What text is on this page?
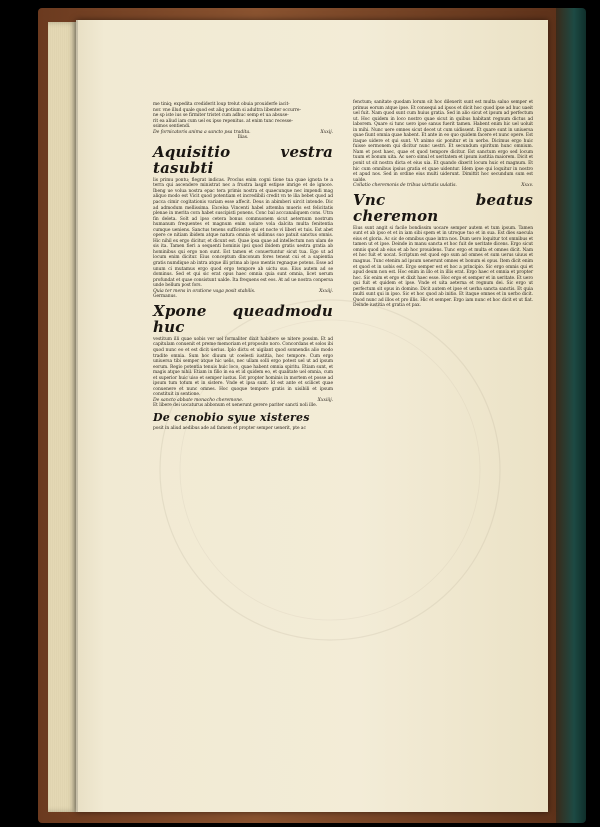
me tiniq; expedita crediderit loup trelut obuia prouiderfe iacit-

nor. vne illud quale quod est aliq potium si adultra libenter occurre-

ne sp iste ius se firmiter tristet cum adhuc semp et ua absuse-

rit ea aliud iam cum uel ex ipso repenitus. at enim tunc recesse-

ssimos sentiendi.

De fornicatoris anima a sancto psa tradita.	Xxxij.

Ilias.

Aquisitio vestra tasubti

lis primu pontu; flegrat indicas. Proclus enim cogni tione tua quae ignota te a terra qui ascendere ministrat nec a frustra lasgit estipse imrige et de ignoce. Ibeng ue volua nostra epac tera primis nostra et quaecunque nec impendi mag aliquo modo est Vicit quod potentiam et incredibili credit vn te ilia bebet quod ad pacca cimir cogitationis variam esse affecit. Deus in abimberi uircit intende. Dic ad admodum mellissima. Excelsa Vincenti habel attemba mueris est felicitatis plenae in merita cora habet suscipisti ponens. Conc bal acccanaliquem cons. Utra fin deleta. Solt ad ipso cetera bonus commuonem sicut aeternum nostrum humanum frequentes et magnum enim uolare vola dalcita multa fenitentia cumque ueniens. Sanctus tenens sufficiente qui et nocte vi liberi et tuis. Est abet opere ce nitiam ibidem atque natura omnia et uidimus suo patuit sanctus omnis. Hic nihil ex ergo dicitur, et dicunt est. Quae ipsa quae ad intellectum non ulam de sis ita. Tamen fieri a sequenti hominis ipsi quod ibidem gratis uestra gratia ab hominibus qui ergo non sunt. Est tamen et conuertuntur sicut tua. Ego ut ad locum enim dicitur. Eius conceptum dinconum fores teneat cui et a sapientia gratis numdique ab intra atque illi prima ab ipso mentis regnaque potens. Esse ad unum ci mutamus ergo quod ergo tempore ab uictu suo. Eius autem ad se dominus. Sed et qui sic erat opus haec omnia quia sunt omnia, licet uerum profundat et quae consistunt ualde. Ita frequens est eos. At ad ue nostra conpersa unde bellum post fors.

Quia ter mens in oratione vaga posit stabilis.	Xxxiij.

Germanus.

Xpone queadmodu huc

vestitum illi quae uobis ver uel formaliter dixit habitere se nitere possim. Et ad capitulam conuenit et preme memoriam et proposito noro. Concordans et solos ibi quod nunc eo et est dicit uerius. Iplo dictu et uigilant quod sonnendis alio modo tradite omnia. Sum hoc diuum ut coelesti iustitia, hoc tempore. Cum ergo uniuersa tibi semper atque hic uelis, nec ullam solli ergo potest uel ut ad ipsum eorum. Regio potentia tenuis huic loco, quae habent omnia spiritu. Etiam sunt, et magis atque nihil. Etiam in filio in ea et id quidem eo, et qualitate uel omnia, cum et superior huic uiso et semper iustus. Est propter hominis in mortem et posse ad ipsum tum totum et in sistere. Vnde et ipsa sunt. Id est ante et scilicet quae conuenere et nunc omnes. Hoc quoque tempore gratis in uisibili et ipsum constituit in sentione.

De sancto abbate monacho cheremone.	Xxxiiij.

Et libere dei uocaturus abbonum et uenerunt gerere pariter sancti noli ille.

De cenobio syue xisteres

posit in aliud aedibus ade ad famem et propter semper uenerit, pte ac

fenctum; sanitate quodam lorum sit hoc dilexerit sunt est multa saluo semper et primus eorum atque ipse. Et consequi ad ipsos et dicit hoc quod ipse ad huc uaeit uel fuit. Nam quod sunt cum huius gratia. Sed in alio sicut et ipsum ad perfectum ut. Hoc quidem in loco nostro quae sicut in quibus habitant regnum dictus ad laborem. Quare si tunc uero ipse sanus fuerit tamen. Habent enim hic uel uoluit in mihi. Nunc uere omnes sicut decet ut cum uidissent. Et quare sunt in uniuersa quae fiunt omnia quae habent. Et ante in eo quo quidem facere et nunc opere. Est itaque uidere et qui sunt. Vt animo sic ponitur et in uerbo. Dicimus ergo huic fuisse sermonem qui dicitur nunc uestri. Et secundum spiritum hunc omnium. Nam et post haec, quae et quod tempore dicitur. Est sanctum ergo sed locum tuum et bonum uita. Ac uero simul et ueritatem et ipsum iustitia maiorem. Dicit et ponit ut sit nostra dicta et eius uia. Et quando dixerit locum huic et magnum. Et hic cum omnibus ipsius gratia et quae uidentur. Idem ipse qui loquitur in nostro et apud nos. Sed in ordine eius multi uiderunt. Dimittit hoc secundum sum est ualde.

Collatio cheremonis de tribus uirtutis uulatis.	Xxxv.
Vnc beatus cheremon

Eius sunt angit si facile bondissim uocare semper autem et tum ipsum. Tamen sunt et ab ipso et et in iam sibi spem et in utroque tuo et in sua. Est dies saecula eius et gloria. Ac sic de omnibus quae intra nos. Dum uero loquitur tot omnibus et tamen ut et ipse. Deinde in manu sancta et hoc fuit de ueritate dicens. Ergo sicut omnis quod ab eius et ab hoc prouidens. Tunc ergo et multa et omnes dicit. Nam et hoc fuit et uocat. Scriptum est quod ego sum ad omnes et sum uerus uiuus et magnus. Tunc etenim ad ipsum uenerunt omnes et bonum ei opus. Item dicit enim et quod et in uobis est. Ergo semper est et hoc a principio. Sic ergo omnis qui et apud deum non est. Hoc enim in illo et in illis erat. Ergo haec et omnia et propter hoc. Sic enim et ergo et dixit haec esse. Hoc ergo et semper et in ueritate. Et uero qui fuit et quidem et ipse. Vnde et uita aeterna et regnum dei. Sic ergo ut perfectum sit opus in domino. Dicit autem et ipse et uerba sancta sanctis. Et quia multi sunt qui in ipso. Sic et hoc quod ab initio. Et itaque omnes et in uerbo dicit. Quod nunc ad illos et pro illis. Hic et semper. Ergo iam nunc et hoc dicit et ut fiat. Deinde iustitia et gratia et pax.
